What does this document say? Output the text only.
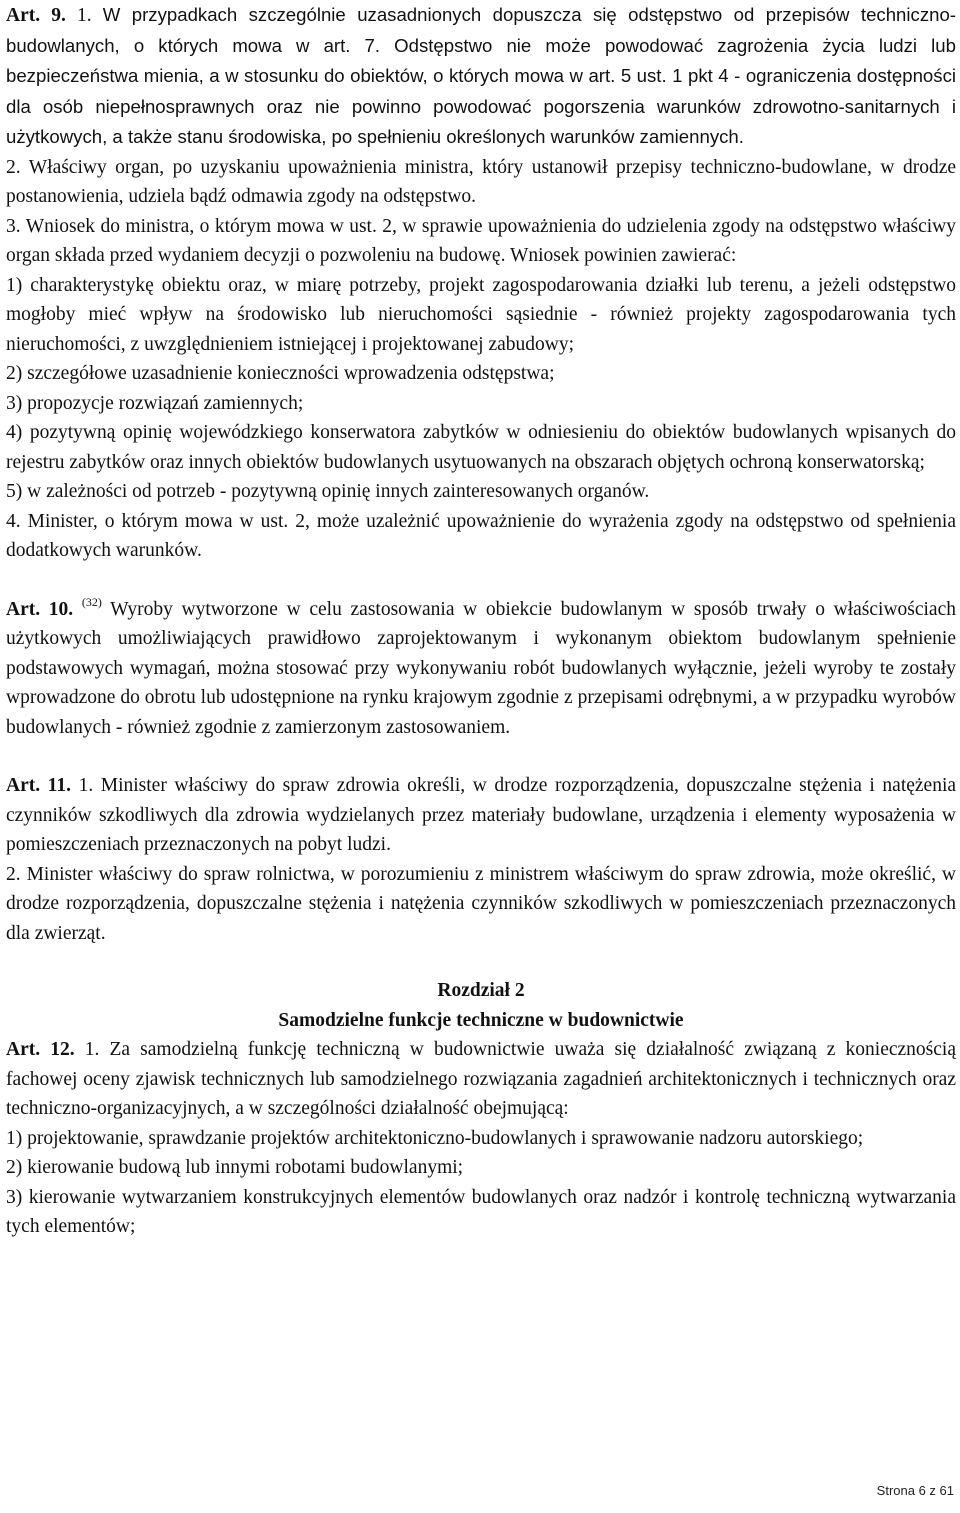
Art. 9. 1. W przypadkach szczególnie uzasadnionych dopuszcza się odstępstwo od przepisów techniczno-budowlanych, o których mowa w art. 7. Odstępstwo nie może powodować zagrożenia życia ludzi lub bezpieczeństwa mienia, a w stosunku do obiektów, o których mowa w art. 5 ust. 1 pkt 4 - ograniczenia dostępności dla osób niepełnosprawnych oraz nie powinno powodować pogorszenia warunków zdrowotno-sanitarnych i użytkowych, a także stanu środowiska, po spełnieniu określonych warunków zamiennych.

2. Właściwy organ, po uzyskaniu upoważnienia ministra, który ustanowił przepisy techniczno-budowlane, w drodze postanowienia, udziela bądź odmawia zgody na odstępstwo.

3. Wniosek do ministra, o którym mowa w ust. 2, w sprawie upoważnienia do udzielenia zgody na odstępstwo właściwy organ składa przed wydaniem decyzji o pozwoleniu na budowę. Wniosek powinien zawierać:

1) charakterystykę obiektu oraz, w miarę potrzeby, projekt zagospodarowania działki lub terenu, a jeżeli odstępstwo mogłoby mieć wpływ na środowisko lub nieruchomości sąsiednie - również projekty zagospodarowania tych nieruchomości, z uwzględnieniem istniejącej i projektowanej zabudowy;

2) szczegółowe uzasadnienie konieczności wprowadzenia odstępstwa;

3) propozycje rozwiązań zamiennych;

4) pozytywną opinię wojewódzkiego konserwatora zabytków w odniesieniu do obiektów budowlanych wpisanych do rejestru zabytków oraz innych obiektów budowlanych usytuowanych na obszarach objętych ochroną konserwatorską;

5) w zależności od potrzeb - pozytywną opinię innych zainteresowanych organów.

4. Minister, o którym mowa w ust. 2, może uzależnić upoważnienie do wyrażenia zgody na odstępstwo od spełnienia dodatkowych warunków.

Art. 10. $^{(32)}$ Wyroby wytworzone w celu zastosowania w obiekcie budowlanym w sposób trwały o właściwościach użytkowych umożliwiających prawidłowo zaprojektowanym i wykonanym obiektom budowlanym spełnienie podstawowych wymagań, można stosować przy wykonywaniu robót budowlanych wyłącznie, jeżeli wyroby te zostały wprowadzone do obrotu lub udostępnione na rynku krajowym zgodnie z przepisami odrębnymi, a w przypadku wyrobów budowlanych - również zgodnie z zamierzonym zastosowaniem.

Art. 11. 1. Minister właściwy do spraw zdrowia określi, w drodze rozporządzenia, dopuszczalne stężenia i natężenia czynników szkodliwych dla zdrowia wydzielanych przez materiały budowlane, urządzenia i elementy wyposażenia w pomieszczeniach przeznaczonych na pobyt ludzi.

2. Minister właściwy do spraw rolnictwa, w porozumieniu z ministrem właściwym do spraw zdrowia, może określić, w drodze rozporządzenia, dopuszczalne stężenia i natężenia czynników szkodliwych w pomieszczeniach przeznaczonych dla zwierząt.

Rozdział 2

Samodzielne funkcje techniczne w budownictwie

Art. 12. 1. Za samodzielną funkcję techniczną w budownictwie uważa się działalność związaną z koniecznością fachowej oceny zjawisk technicznych lub samodzielnego rozwiązania zagadnień architektonicznych i technicznych oraz techniczno-organizacyjnych, a w szczególności działalność obejmującą:

1) projektowanie, sprawdzanie projektów architektoniczno-budowlanych i sprawowanie nadzoru autorskiego;

2) kierowanie budową lub innymi robotami budowlanymi;

3) kierowanie wytwarzaniem konstrukcyjnych elementów budowlanych oraz nadzór i kontrolę techniczną wytwarzania tych elementów;

Strona 6 z 61
